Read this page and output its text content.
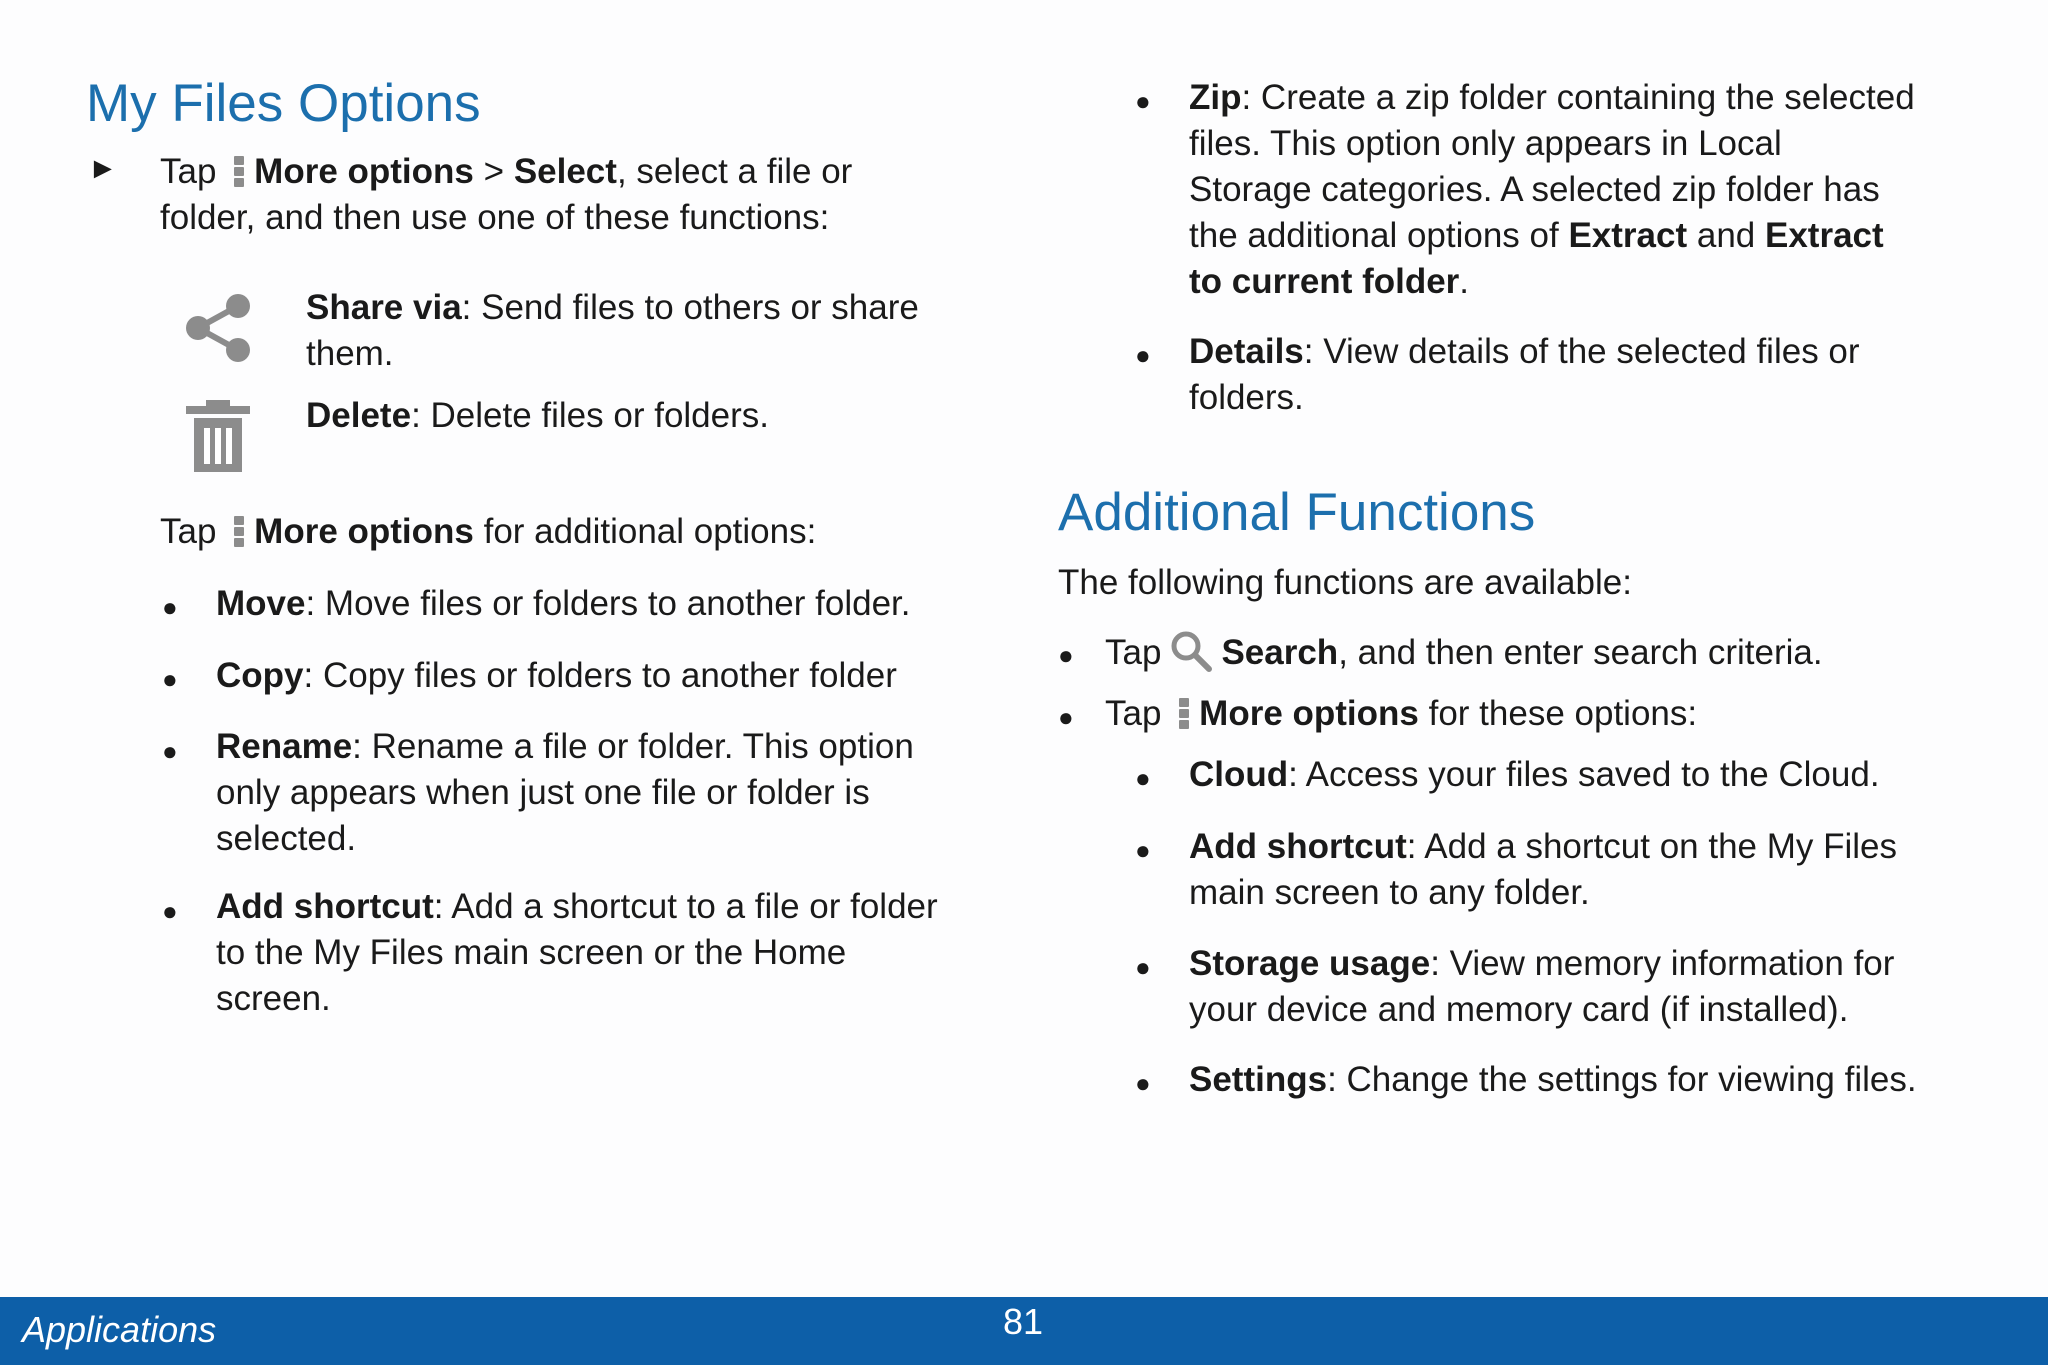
My Files Options
► Tap More options > Select, select a file or
folder, and then use one of these functions:
Share via: Send files to others or share
them.
Delete: Delete files or folders.
Tap More options for additional options:
● Move: Move files or folders to another folder.
● Copy: Copy files or folders to another folder
● Rename: Rename a file or folder. This option
only appears when just one file or folder is
selected.
● Add shortcut: Add a shortcut to a file or folder
to the My Files main screen or the Home
screen.
● Zip: Create a zip folder containing the selected
files. This option only appears in Local
Storage categories. A selected zip folder has
the additional options of Extract and Extract
to current folder.
● Details: View details of the selected files or
folders.
Additional Functions
The following functions are available:
● Tap Search, and then enter search criteria.
● Tap More options for these options:
● Cloud: Access your files saved to the Cloud.
● Add shortcut: Add a shortcut on the My Files
main screen to any folder.
● Storage usage: View memory information for
your device and memory card (if installed).
● Settings: Change the settings for viewing files.
Applications	81
